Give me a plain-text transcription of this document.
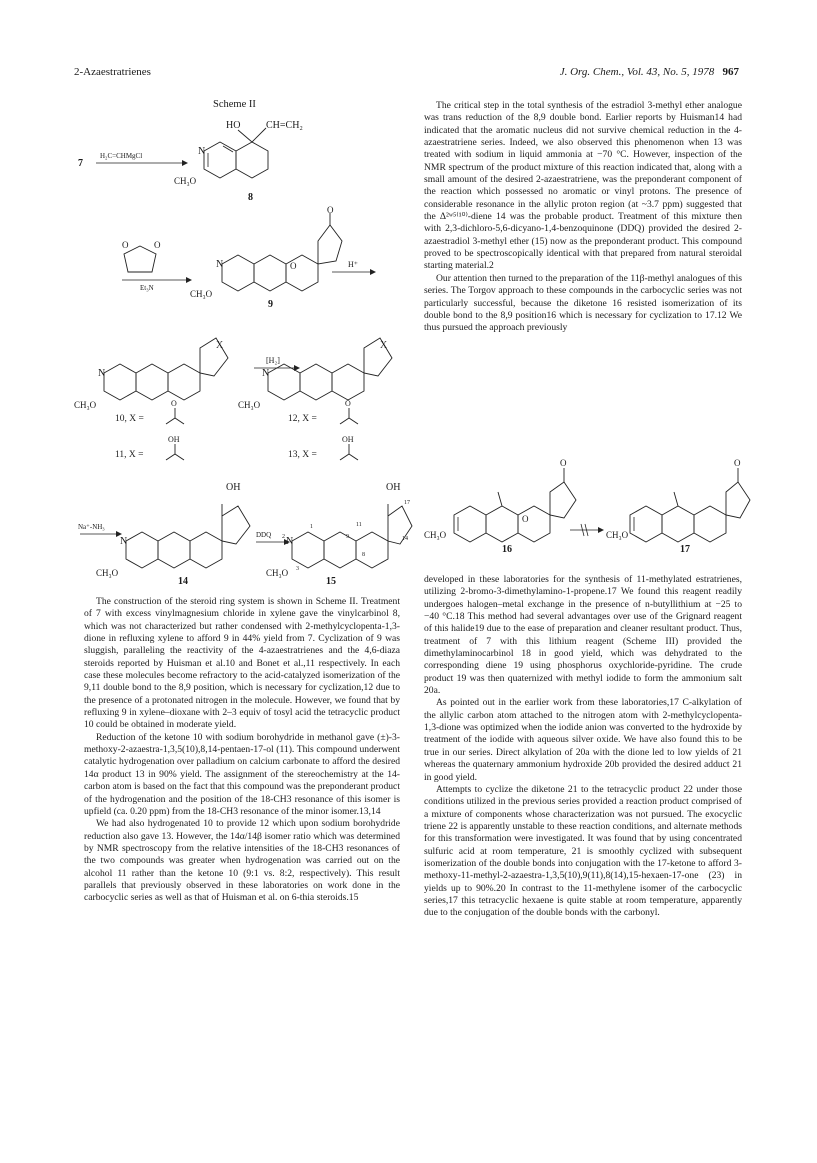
2-Azaestratrienes	J. Org. Chem., Vol. 43, No. 5, 1978 967
Scheme II
7
H₂C=CHMgCl
HO	CH=CH₂
N
CH₃O
8
O	O
Et₃N
O
O
N
CH₃O
9
H⁺
X
N
CH₃O
[H₂]
X
N
CH₃O
10, X =
11, X =
12, X =
13, X =
O
OH
O
OH
Na⁺-NH₃
OH
N
CH₃O
14
DDQ
OH
N
CH₃O
1
2
3
8
9
11
14
17
15
O
O
CH₃O
16
O
CH₃O
17

The construction of the steroid ring system is shown in Scheme II. Treatment of 7 with excess vinylmagnesium chloride in xylene gave the vinylcarbinol 8, which was not characterized but rather condensed with 2-methylcyclopenta-1,3-dione in refluxing xylene to afford 9 in 44% yield from 7. Cyclization of 9 was sluggish, paralleling the reactivity of the 4-azaestratrienes and the 4,6-diaza steroids reported by Huisman et al.10 and Bonet et al.,11 respectively. In each case these molecules become refractory to the acid-catalyzed isomerization of the 9,11 double bond to the 8,9 position, which is necessary for cyclization,12 due to the presence of a protonated nitrogen in the molecule. However, we found that by refluxing 9 in xylene–dioxane with 2–3 equiv of tosyl acid the tetracyclic product 10 could be obtained in moderate yield.

Reduction of the ketone 10 with sodium borohydride in methanol gave (±)-3-methoxy-2-azaestra-1,3,5(10),8,14-pentaen-17-ol (11). This compound underwent catalytic hydrogenation over palladium on calcium carbonate to afford the desired 14α product 13 in 90% yield. The assignment of the stereochemistry at the 14-carbon atom is based on the fact that this compound was the preponderant product of the hydrogenation and the position of the 18-CH3 resonance of this isomer is upfield (ca. 0.20 ppm) from the 18-CH3 resonance of the minor isomer.13,14

We had also hydrogenated 10 to provide 12 which upon sodium borohydride reduction also gave 13. However, the 14α/14β isomer ratio which was determined by NMR spectroscopy from the relative intensities of the 18-CH3 resonances of the two compounds was greater when hydrogenation was carried out on the alcohol 11 rather than the ketone 10 (9:1 vs. 8:2, respectively). This result parallels that previously observed in these laboratories on work done in the carbocyclic series as well as that of Huisman et al. on 6-thia steroids.15

The critical step in the total synthesis of the estradiol 3-methyl ether analogue was trans reduction of the 8,9 double bond. Earlier reports by Huisman14 had indicated that the aromatic nucleus did not survive chemical reduction in the 4-azaestratriene series. Indeed, we also observed this phenomenon when 13 was treated with sodium in liquid ammonia at −70 °C. However, inspection of the NMR spectrum of the product mixture of this reaction indicated that, along with a small amount of the desired 2-azaestratriene, was the preponderant component of the reaction which possessed no aromatic or vinyl protons. The presence of considerable resonance in the allylic proton region (at ~3.7 ppm) suggested that the Δ²ʷ⁵⁽¹⁰⁾-diene 14 was the probable product. Treatment of this mixture then with 2,3-dichloro-5,6-dicyano-1,4-benzoquinone (DDQ) provided the desired 2-azaestradiol 3-methyl ether (15) now as the preponderant product. This compound proved to be spectroscopically identical with that prepared from natural steroidal starting material.2

Our attention then turned to the preparation of the 11β-methyl analogues of this series. The Torgov approach to these compounds in the carbocyclic series was not particularly successful, because the diketone 16 resisted isomerization of its double bond to the 8,9 position16 which is necessary for cyclization to 17.12 We thus pursued the approach previously

developed in these laboratories for the synthesis of 11-methylated estratrienes, utilizing 2-bromo-3-dimethylamino-1-propene.17 We found this reagent readily undergoes halogen–metal exchange in the presence of n-butyllithium at −25 to −40 °C.18 This method had several advantages over use of the Grignard reagent of this halide19 due to the ease of preparation and cleaner resultant product. Thus, treatment of 7 with this lithium reagent (Scheme III) provided the dimethylaminocarbinol 18 in good yield, which was dehydrated to the corresponding diene 19 using phosphorus oxychloride-pyridine. The crude product 19 was then quaternized with methyl iodide to form the ammonium salt 20a.

As pointed out in the earlier work from these laboratories,17 C-alkylation of the allylic carbon atom attached to the nitrogen atom with 2-methylcyclopenta-1,3-dione was optimized when the iodide anion was converted to the hydroxide by treatment of the iodide with aqueous silver oxide. We have also found this to be true in our series. Direct alkylation of 20a with the dione led to low yields of 21 whereas the quaternary ammonium hydroxide 20b provided the desired adduct 21 in good yield.

Attempts to cyclize the diketone 21 to the tetracyclic product 22 under those conditions utilized in the previous series provided a reaction product comprised of a mixture of components whose characterization was not pursued. The exocyclic triene 22 is apparently unstable to these reaction conditions, and alternate methods for this transformation were investigated. It was found that by using concentrated sulfuric acid at room temperature, 21 is smoothly cyclized with subsequent isomerization of the double bonds into conjugation with the 17-ketone to afford 3-methoxy-11-methyl-2-azaestra-1,3,5(10),9(11),8(14),15-hexaen-17-one (23) in yields up to 90%.20 In contrast to the 11-methylene isomer of the carbocyclic series,17 this tetracyclic hexaene is quite stable at room temperature, apparently due to the conjugation of the double bonds with the carbonyl.
